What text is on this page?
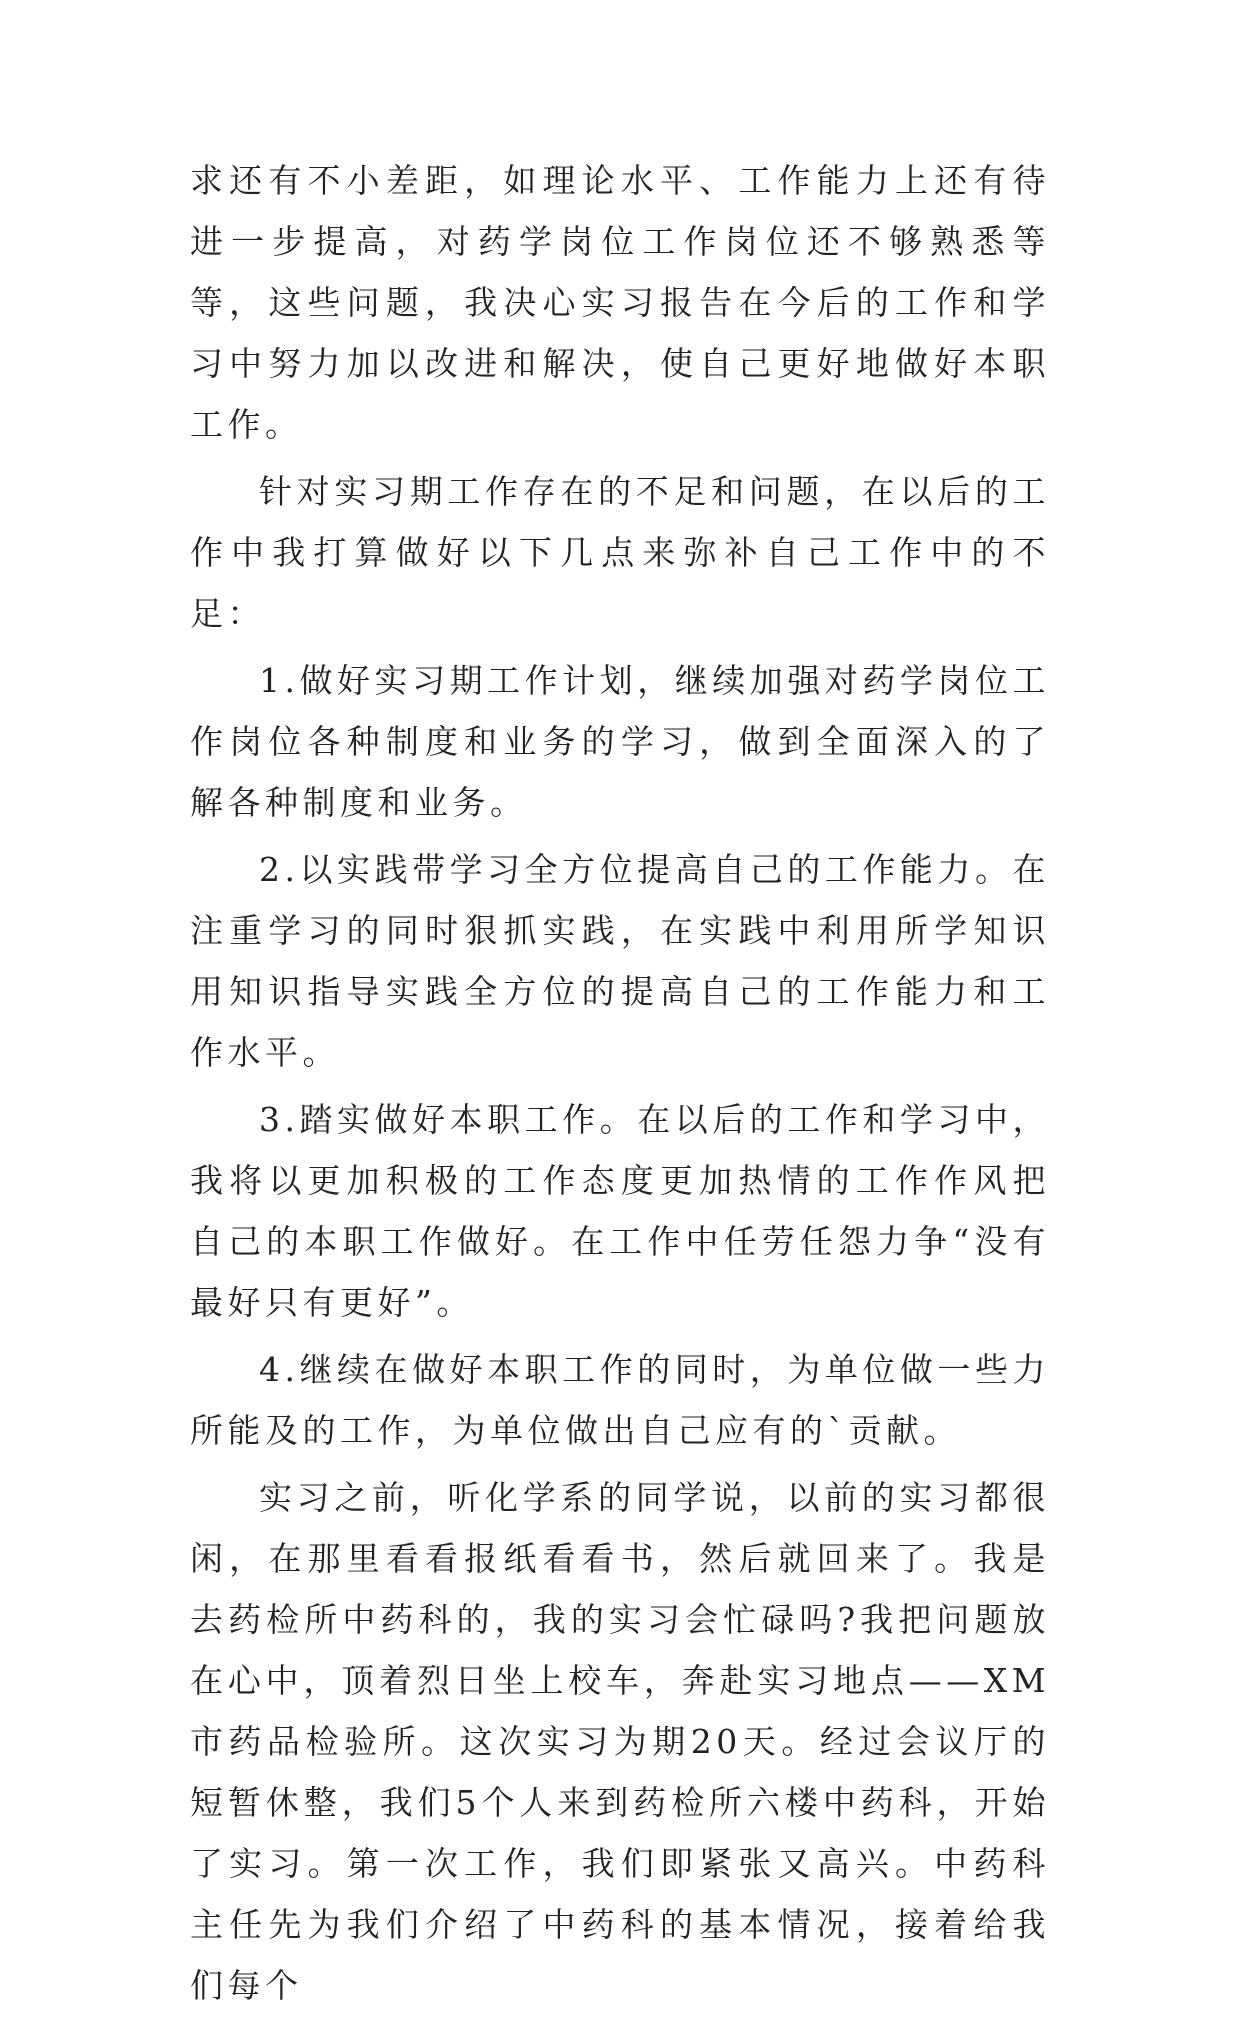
求还有不小差距，如理论水平、工作能力上还有待进一步提高，对药学岗位工作岗位还不够熟悉等等，这些问题，我决心实习报告在今后的工作和学习中努力加以改进和解决，使自己更好地做好本职工作。

针对实习期工作存在的不足和问题，在以后的工作中我打算做好以下几点来弥补自己工作中的不足：

1.做好实习期工作计划，继续加强对药学岗位工作岗位各种制度和业务的学习，做到全面深入的了解各种制度和业务。

2.以实践带学习全方位提高自己的工作能力。在注重学习的同时狠抓实践，在实践中利用所学知识用知识指导实践全方位的提高自己的工作能力和工作水平。

3.踏实做好本职工作。在以后的工作和学习中，我将以更加积极的工作态度更加热情的工作作风把自己的本职工作做好。在工作中任劳任怨力争“没有最好只有更好”。

4.继续在做好本职工作的同时，为单位做一些力所能及的工作，为单位做出自己应有的`贡献。

实习之前，听化学系的同学说，以前的实习都很闲，在那里看看报纸看看书，然后就回来了。我是去药检所中药科的，我的实习会忙碌吗?我把问题放在心中，顶着烈日坐上校车，奔赴实习地点——XM市药品检验所。这次实习为期20天。经过会议厅的短暂休整，我们5个人来到药检所六楼中药科，开始了实习。第一次工作，我们即紧张又高兴。中药科主任先为我们介绍了中药科的基本情况，接着给我们每个
